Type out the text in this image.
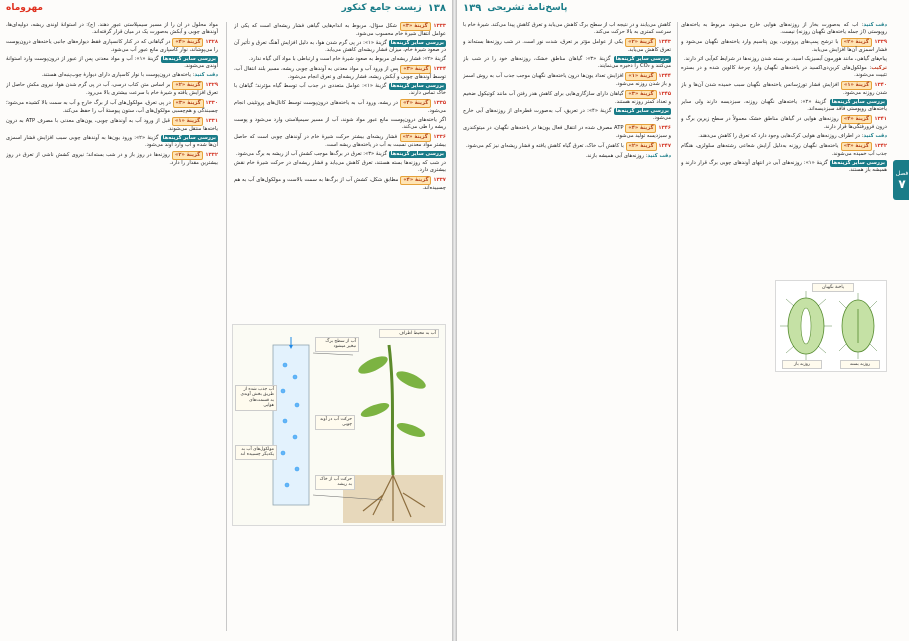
مهروماه	زیست جامع کنکور ۱۳۸

۱۳۳۳ گزینهٔ «۳» شکل سؤال، مربوط به اندام‌هایی گیاهی فشار ریشه‌ای است که یکی از عوامل انتقال شیرهٔ خام محسوب می‌شود.

بررسی سایر گزینه‌ها گزینهٔ «۱»: در پی گرم شدن هوا، به دلیل افزایش آهنگ تعرق و تأثیر آن در صعود شیرهٔ خام، میزان فشار ریشه‌ای کاهش می‌یابد.

گزینهٔ «۲»: فشار ریشه‌ای مربوط به صعود شیرهٔ خام است و ارتباطی با مواد آلی گیاه ندارد.

۱۳۳۴ گزینهٔ «۳» پس از ورود آب و مواد معدنی به آوندهای چوبی ریشه، مسیر بلند انتقال آب، توسط آوندهای چوبی و آبکش ریشه، فشار ریشه‌ای و تعرق انجام می‌شود.

بررسی سایر گزینه‌ها گزینهٔ «۱»: عوامل متعددی در جذب آب توسط گیاه مؤثرند؛ گیاهان با خاک تماس دارند.

۱۳۳۵ گزینهٔ «۴» در ریشه، ورود آب به یاخته‌های درون‌پوست توسط کانال‌های پروتئینی انجام می‌شود.

اگر یاخته‌های درون‌پوست مانع عبور مواد شوند، آب از مسیر سیمپلاستی وارد می‌شود و پوست ریشه را طی می‌کند.

۱۳۳۶ گزینهٔ «۲» فشار ریشه‌ای بیشتر حرکت شیرهٔ خام در آوندهای چوبی است که حاصل بیشتر مواد معدنی نسبت به آب در یاخته‌های ریشه است.

بررسی سایر گزینه‌ها گزینهٔ «۳»: تعرق در برگ‌ها موجب کشش آب از ریشه به برگ می‌شود.

در شب که روزنه‌ها بسته هستند، تعرق کاهش می‌یابد و فشار ریشه‌ای در حرکت شیرهٔ خام نقش بیشتری دارد.

۱۳۳۷ گزینهٔ «۴» مطابق شکل، کشش آب از برگ‌ها به سمت بالاست و مولکول‌های آب به هم چسبیده‌اند.

مواد محلول در آن را از مسیر سیمپلاستی عبور دهند. (ج): در استوانهٔ آوندی ریشه، دولپه‌ای‌ها، آوندهای چوبی و آبکش به‌صورت یک در میان قرار گرفته‌اند.

۱۳۲۸ گزینهٔ «۴» در گیاهانی که در کنار کانسپاری فقط دیواره‌های جانبی یاخته‌های درون‌پوست را می‌پوشاند، نوار کاسپاری مانع عبور آب می‌شود.

بررسی سایر گزینه‌ها گزینهٔ «۱»: آب و مواد معدنی پس از عبور از درون‌پوست وارد استوانهٔ آوندی می‌شوند.

دقت کنید: یاخته‌های درون‌پوست با نوار کاسپاری دارای دیوارهٔ چوب‌پنبه‌ای هستند.

۱۳۲۹ گزینهٔ «۲» بر اساس متن کتاب درسی، آب در پی گرم شدن هوا، نیروی مکش حاصل از تعرق افزایش یافته و شیرهٔ خام با سرعت بیشتری بالا می‌رود.

۱۳۳۰ گزینهٔ «۳» در پی تعرق، مولکول‌های آب از برگ خارج و آب به سمت بالا کشیده می‌شود؛ چسبندگی و هم‌چسبی مولکول‌های آب، ستون پیوستهٔ آب را حفظ می‌کند.

۱۳۳۱ گزینهٔ «۱» قبل از ورود آب به آوندهای چوبی، یون‌های معدنی با مصرف ATP به درون یاخته‌ها منتقل می‌شوند.

بررسی سایر گزینه‌ها گزینهٔ «۲»: ورود یون‌ها به آوندهای چوبی سبب افزایش فشار اسمزی آن‌ها شده و آب وارد آوند می‌شود.

۱۳۳۲ گزینهٔ «۲» روزنه‌ها در روز باز و در شب بسته‌اند؛ نیروی کشش ناشی از تعرق در روز بیشترین مقدار را دارد.

آب به محیط اطراف
آب از سطح برگ تبخیر میشود
حرکت آب از خاک به ریشه
آب جذب شده از طریق بخش آوندی به قسمت‌های هوایی
حرکت آب در آوند چوبی
مولکول‌های آب به یکدیگر چسبیده اند
۱۳۹ پاسخ‌نامهٔ تشریحی

کاهش می‌یابند و در نتیجه آب از سطح برگ کاهش می‌یابد و تعرق کاهش پیدا می‌کند. شیرهٔ خام با سرعت کمتری به بالا حرکت می‌کند.

۱۳۴۳ گزینهٔ «۲» یکی از عوامل مؤثر بر تعرق، شدت نور است. در شب روزنه‌ها بسته‌اند و تعرق کاهش می‌یابد.

بررسی سایر گزینه‌ها گزینهٔ «۳»: گیاهان مناطق خشک، روزنه‌های خود را در شب باز می‌کنند و CO₂ را ذخیره می‌نمایند.

۱۳۴۴ گزینهٔ «۱» افزایش تعداد یون‌ها درون یاخته‌های نگهبان موجب جذب آب به روش اسمز و باز شدن روزنه می‌شود.

۱۳۴۵ گزینهٔ «۳» گیاهان دارای سازگاری‌هایی برای کاهش هدر رفتن آب مانند کوتیکول ضخیم و تعداد کمتر روزنه هستند.

بررسی سایر گزینه‌ها گزینهٔ «۴»: در تعریق، آب به‌صورت قطره‌ای از روزنه‌های آبی خارج می‌شود.

۱۳۴۶ گزینهٔ «۴» ATP مصرف شده در انتقال فعال یون‌ها در یاخته‌های نگهبان، در میتوکندری و سبزدیسه تولید می‌شود.

۱۳۴۷ گزینهٔ «۲» با کاهش آب خاک، تعرق گیاه کاهش یافته و فشار ریشه‌ای نیز کم می‌شود.

دقت کنید: روزنه‌های آبی همیشه بازند.

دقت کنید: آب که به‌صورت بخار از روزنه‌های هوایی خارج می‌شود، مربوط به یاخته‌های روپوستی (از جمله یاخته‌های نگهبان روزنه) نیست.

۱۳۳۹ گزینهٔ «۲» با ترشح پمپ‌های پروتونی، یون پتاسیم وارد یاخته‌های نگهبان می‌شود و فشار اسمزی آن‌ها افزایش می‌یابد.

پیام‌های گیاهی، مانند هورمون آبسیزیک اسید، بر بسته شدن روزنه‌ها در شرایط کم‌آبی اثر دارند.

ترکیب: مولکول‌های کربن‌دی‌اکسید در یاخته‌های نگهبان وارد چرخهٔ کالوین شده و در بستره تثبیت می‌شوند.

۱۳۴۰ گزینهٔ «۱» افزایش فشار تورژسانس یاخته‌های نگهبان سبب خمیده شدن آن‌ها و باز شدن روزنه می‌شود.

بررسی سایر گزینه‌ها گزینهٔ «۲»: یاخته‌های نگهبان روزنه، سبزدیسه دارند ولی سایر یاخته‌های روپوستی فاقد سبزدیسه‌اند.

۱۳۴۱ گزینهٔ «۴» روزنه‌های هوایی در گیاهان مناطق خشک معمولاً در سطح زیرین برگ و درون فرورفتگی‌ها قرار دارند.

دقت کنید: در اطراف روزنه‌های هوایی کرک‌هایی وجود دارد که تعرق را کاهش می‌دهند.

۱۳۴۲ گزینهٔ «۳» یاخته‌های نگهبان روزنه به‌دلیل آرایش شعاعی رشته‌های سلولزی، هنگام جذب آب خمیده می‌شوند.

بررسی سایر گزینه‌ها گزینهٔ «۱»: روزنه‌های آبی در انتهای آوندهای چوبی برگ قرار دارند و همیشه باز هستند.

یاختهٔ نگهبان
روزنه باز	روزنه بسته
فصل
۷
